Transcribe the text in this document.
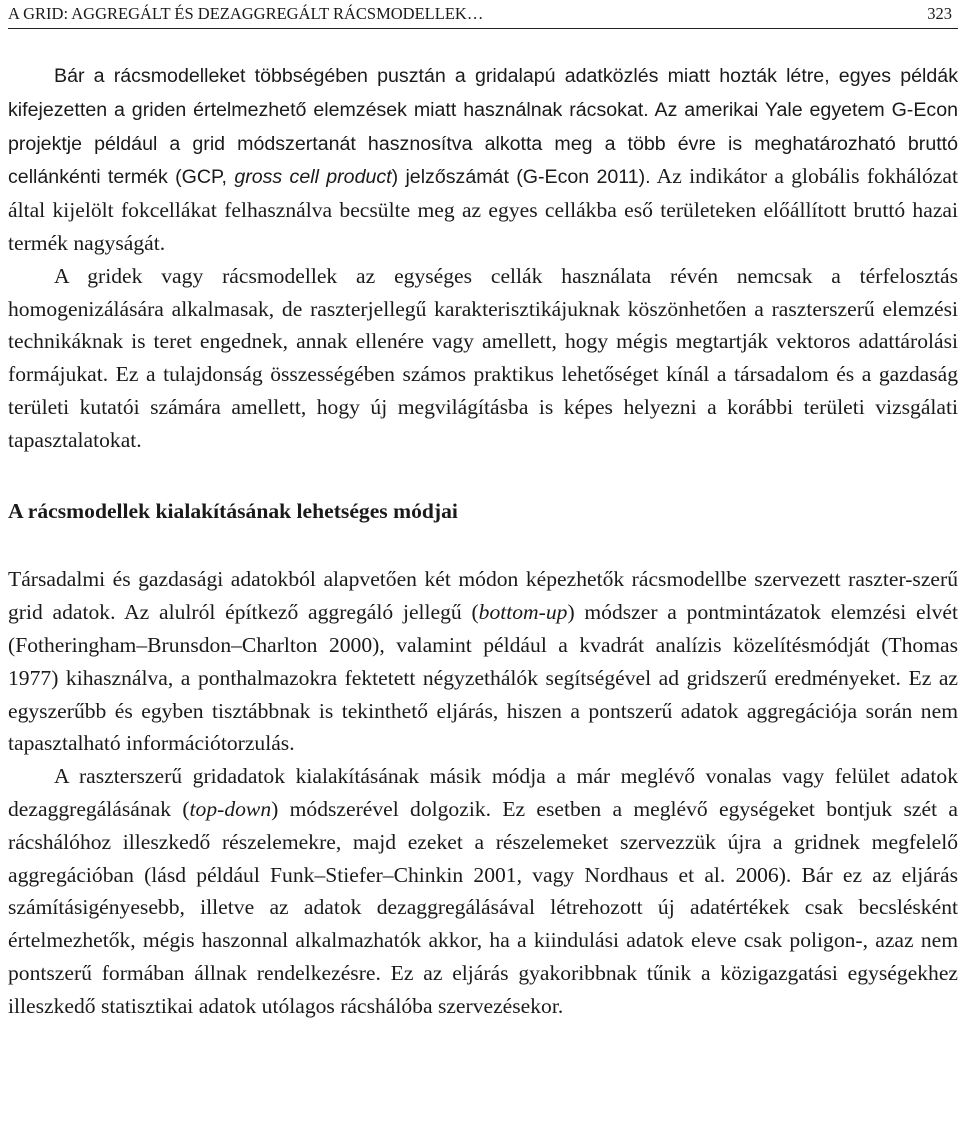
A GRID: AGGREGÁLT ÉS DEZAGGREGÁLT RÁCSMODELLEK…	323

Bár a rácsmodelleket többségében pusztán a gridalapú adatközlés miatt hozták létre, egyes példák kifejezetten a griden értelmezhető elemzések miatt használnak rácsokat. Az amerikai Yale egyetem G-Econ projektje például a grid módszertanát hasznosítva alkotta meg a több évre is meghatározható bruttó cellánkénti termék (GCP, gross cell product) jelzőszámát (G-Econ 2011). Az indikátor a globális fokhálózat által kijelölt fokcellákat felhasználva becsülte meg az egyes cellákba eső területeken előállított bruttó hazai termék nagyságát.

A gridek vagy rácsmodellek az egységes cellák használata révén nemcsak a térfelosztás homogenizálására alkalmasak, de raszterjellegű karakterisztikájuknak köszönhetően a raszterszerű elemzési technikáknak is teret engednek, annak ellenére vagy amellett, hogy mégis megtartják vektoros adattárolási formájukat. Ez a tulajdonság összességében számos praktikus lehetőséget kínál a társadalom és a gazdaság területi kutatói számára amellett, hogy új megvilágításba is képes helyezni a korábbi területi vizsgálati tapasztalatokat.

A rácsmodellek kialakításának lehetséges módjai

Társadalmi és gazdasági adatokból alapvetően két módon képezhetők rácsmodellbe szervezett raszter-szerű grid adatok. Az alulról építkező aggregáló jellegű (bottom-up) módszer a pontmintázatok elemzési elvét (Fotheringham–Brunsdon–Charlton 2000), valamint például a kvadrát analízis közelítésmódját (Thomas 1977) kihasználva, a ponthalmazokra fektetett négyzethálók segítségével ad gridszerű eredményeket. Ez az egyszerűbb és egyben tisztábbnak is tekinthető eljárás, hiszen a pontszerű adatok aggregációja során nem tapasztalható információtorzulás.

A raszterszerű gridadatok kialakításának másik módja a már meglévő vonalas vagy felület adatok dezaggregálásának (top-down) módszerével dolgozik. Ez esetben a meglévő egységeket bontjuk szét a rácshálóhoz illeszkedő részelemekre, majd ezeket a részelemeket szervezzük újra a gridnek megfelelő aggregációban (lásd például Funk–Stiefer–Chinkin 2001, vagy Nordhaus et al. 2006). Bár ez az eljárás számításigényesebb, illetve az adatok dezaggregálásával létrehozott új adatértékek csak becslésként értelmezhetők, mégis haszonnal alkalmazhatók akkor, ha a kiindulási adatok eleve csak poligon-, azaz nem pontszerű formában állnak rendelkezésre. Ez az eljárás gyakoribbnak tűnik a közigazgatási egységekhez illeszkedő statisztikai adatok utólagos rácshálóba szervezésekor.
